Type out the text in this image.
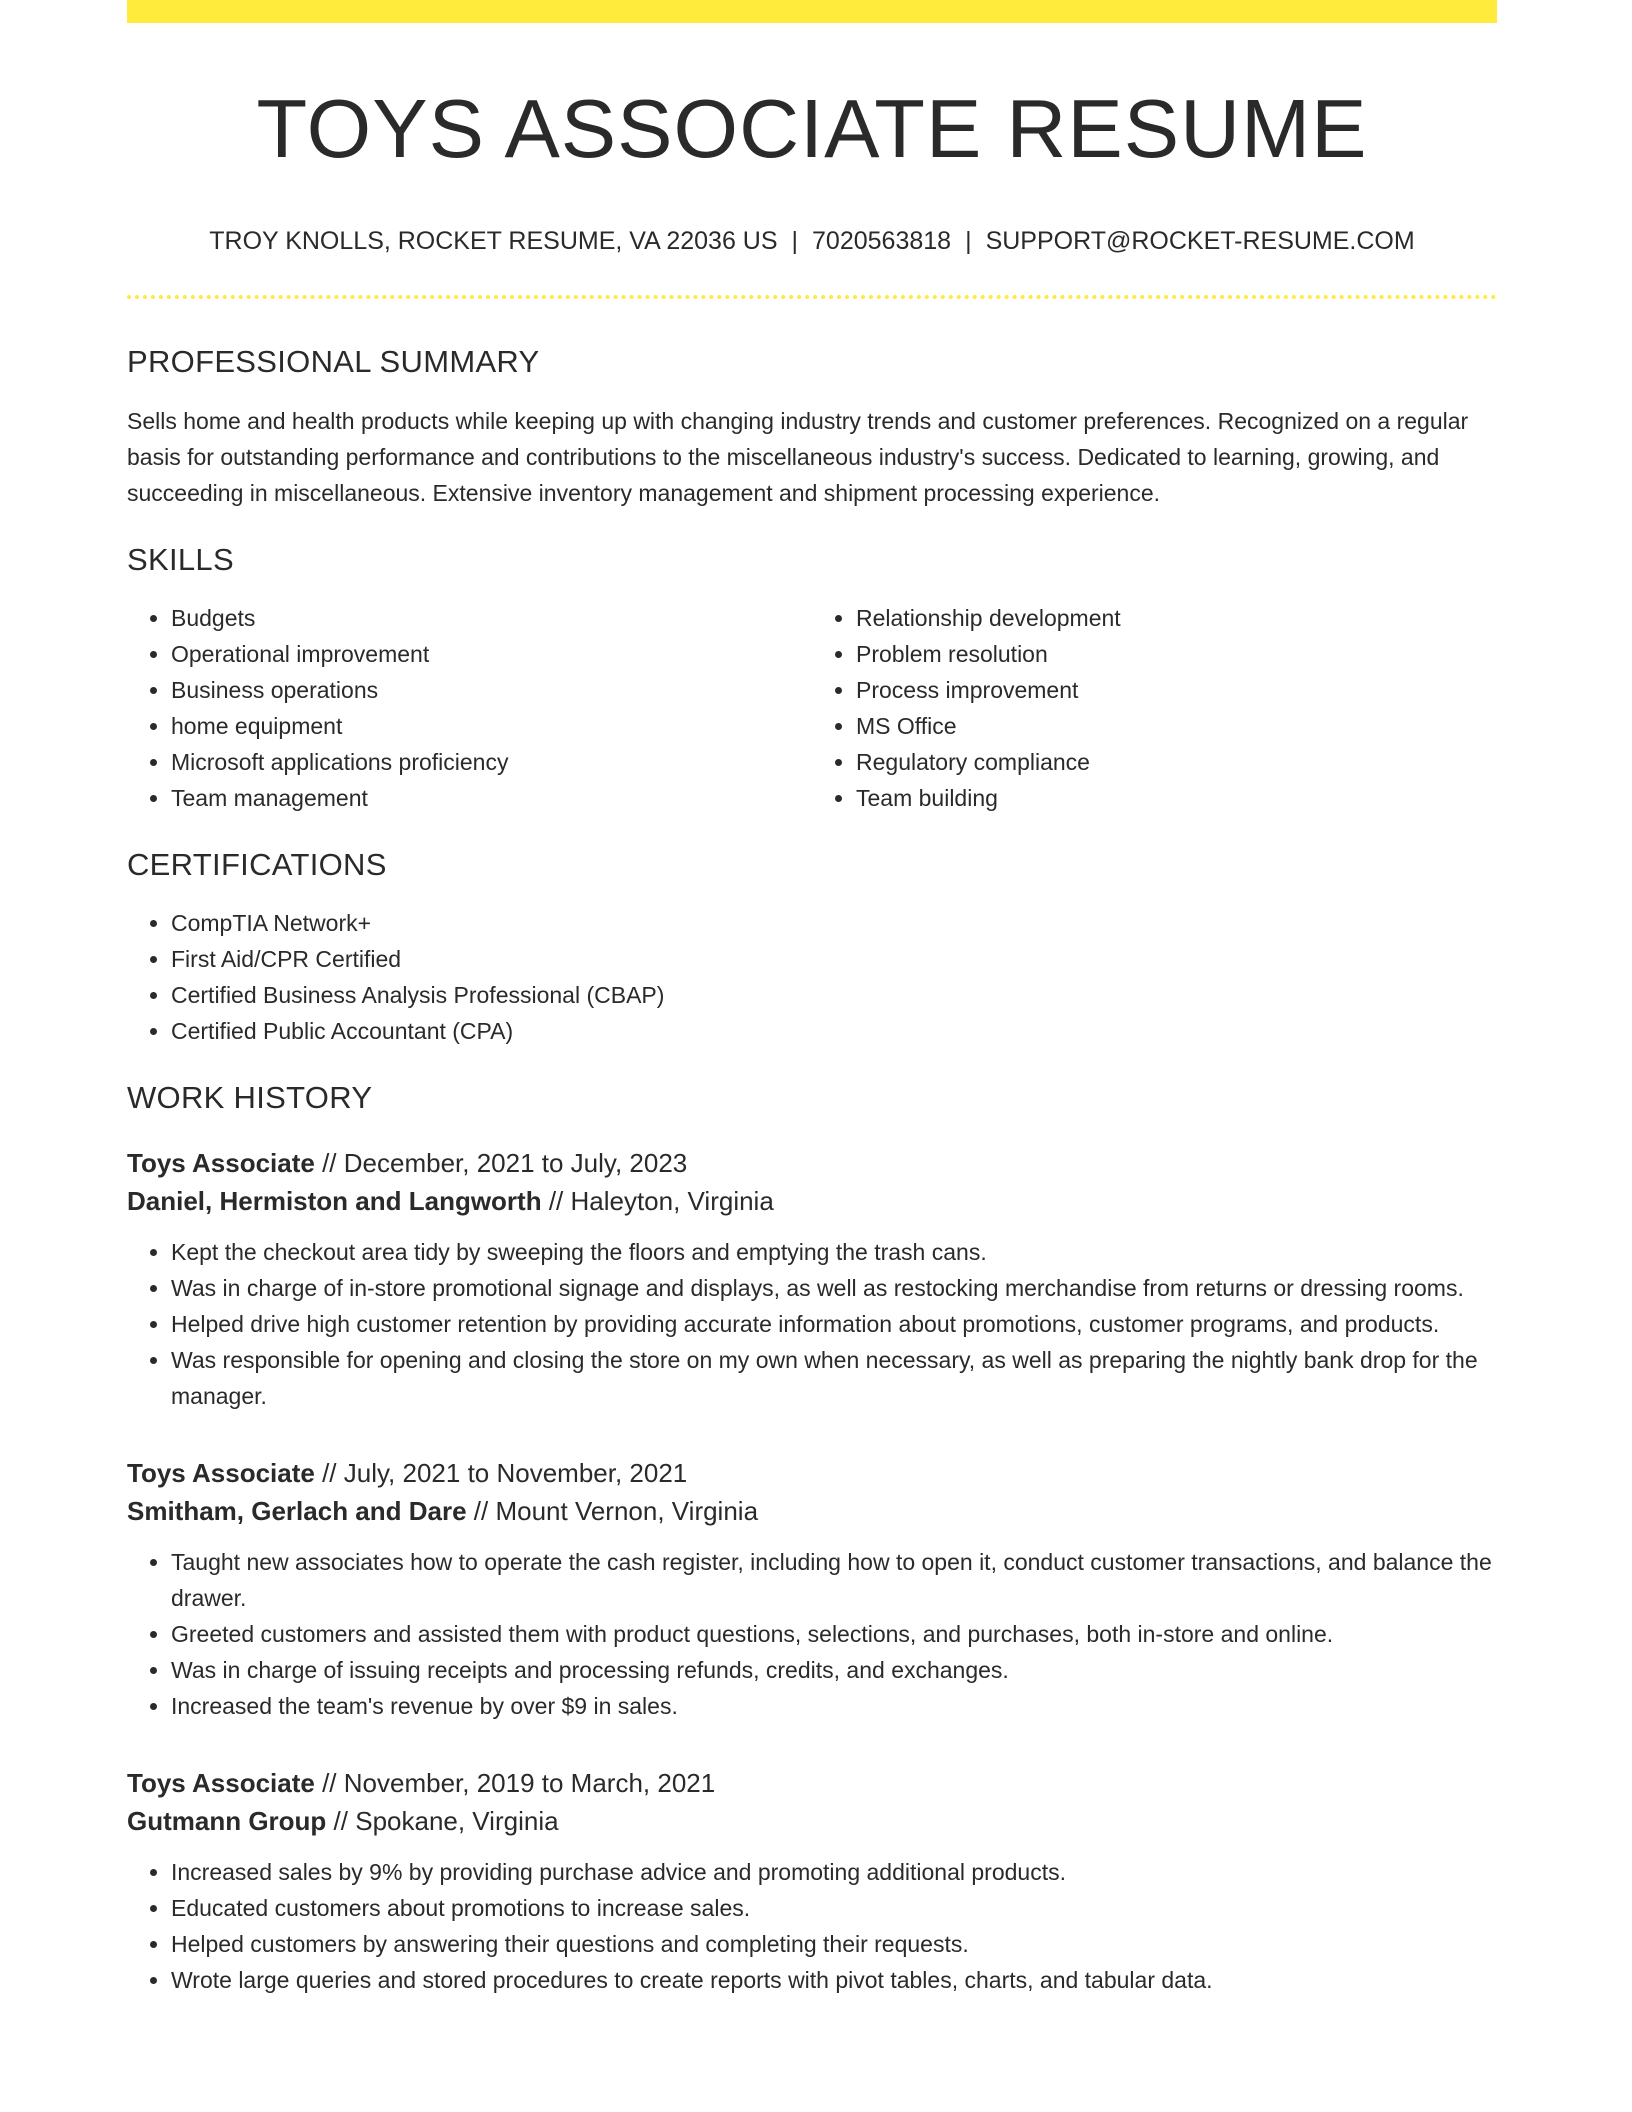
TOYS ASSOCIATE RESUME
TROY KNOLLS, ROCKET RESUME, VA 22036 US | 7020563818 | SUPPORT@ROCKET-RESUME.COM
PROFESSIONAL SUMMARY
Sells home and health products while keeping up with changing industry trends and customer preferences. Recognized on a regular basis for outstanding performance and contributions to the miscellaneous industry's success. Dedicated to learning, growing, and succeeding in miscellaneous. Extensive inventory management and shipment processing experience.
SKILLS
• Budgets
• Operational improvement
• Business operations
• home equipment
• Microsoft applications proficiency
• Team management
• Relationship development
• Problem resolution
• Process improvement
• MS Office
• Regulatory compliance
• Team building
CERTIFICATIONS
• CompTIA Network+
• First Aid/CPR Certified
• Certified Business Analysis Professional (CBAP)
• Certified Public Accountant (CPA)
WORK HISTORY
Toys Associate // December, 2021 to July, 2023
Daniel, Hermiston and Langworth // Haleyton, Virginia
• Kept the checkout area tidy by sweeping the floors and emptying the trash cans.
• Was in charge of in-store promotional signage and displays, as well as restocking merchandise from returns or dressing rooms.
• Helped drive high customer retention by providing accurate information about promotions, customer programs, and products.
• Was responsible for opening and closing the store on my own when necessary, as well as preparing the nightly bank drop for the manager.
Toys Associate // July, 2021 to November, 2021
Smitham, Gerlach and Dare // Mount Vernon, Virginia
• Taught new associates how to operate the cash register, including how to open it, conduct customer transactions, and balance the drawer.
• Greeted customers and assisted them with product questions, selections, and purchases, both in-store and online.
• Was in charge of issuing receipts and processing refunds, credits, and exchanges.
• Increased the team's revenue by over $9 in sales.
Toys Associate // November, 2019 to March, 2021
Gutmann Group // Spokane, Virginia
• Increased sales by 9% by providing purchase advice and promoting additional products.
• Educated customers about promotions to increase sales.
• Helped customers by answering their questions and completing their requests.
• Wrote large queries and stored procedures to create reports with pivot tables, charts, and tabular data.
